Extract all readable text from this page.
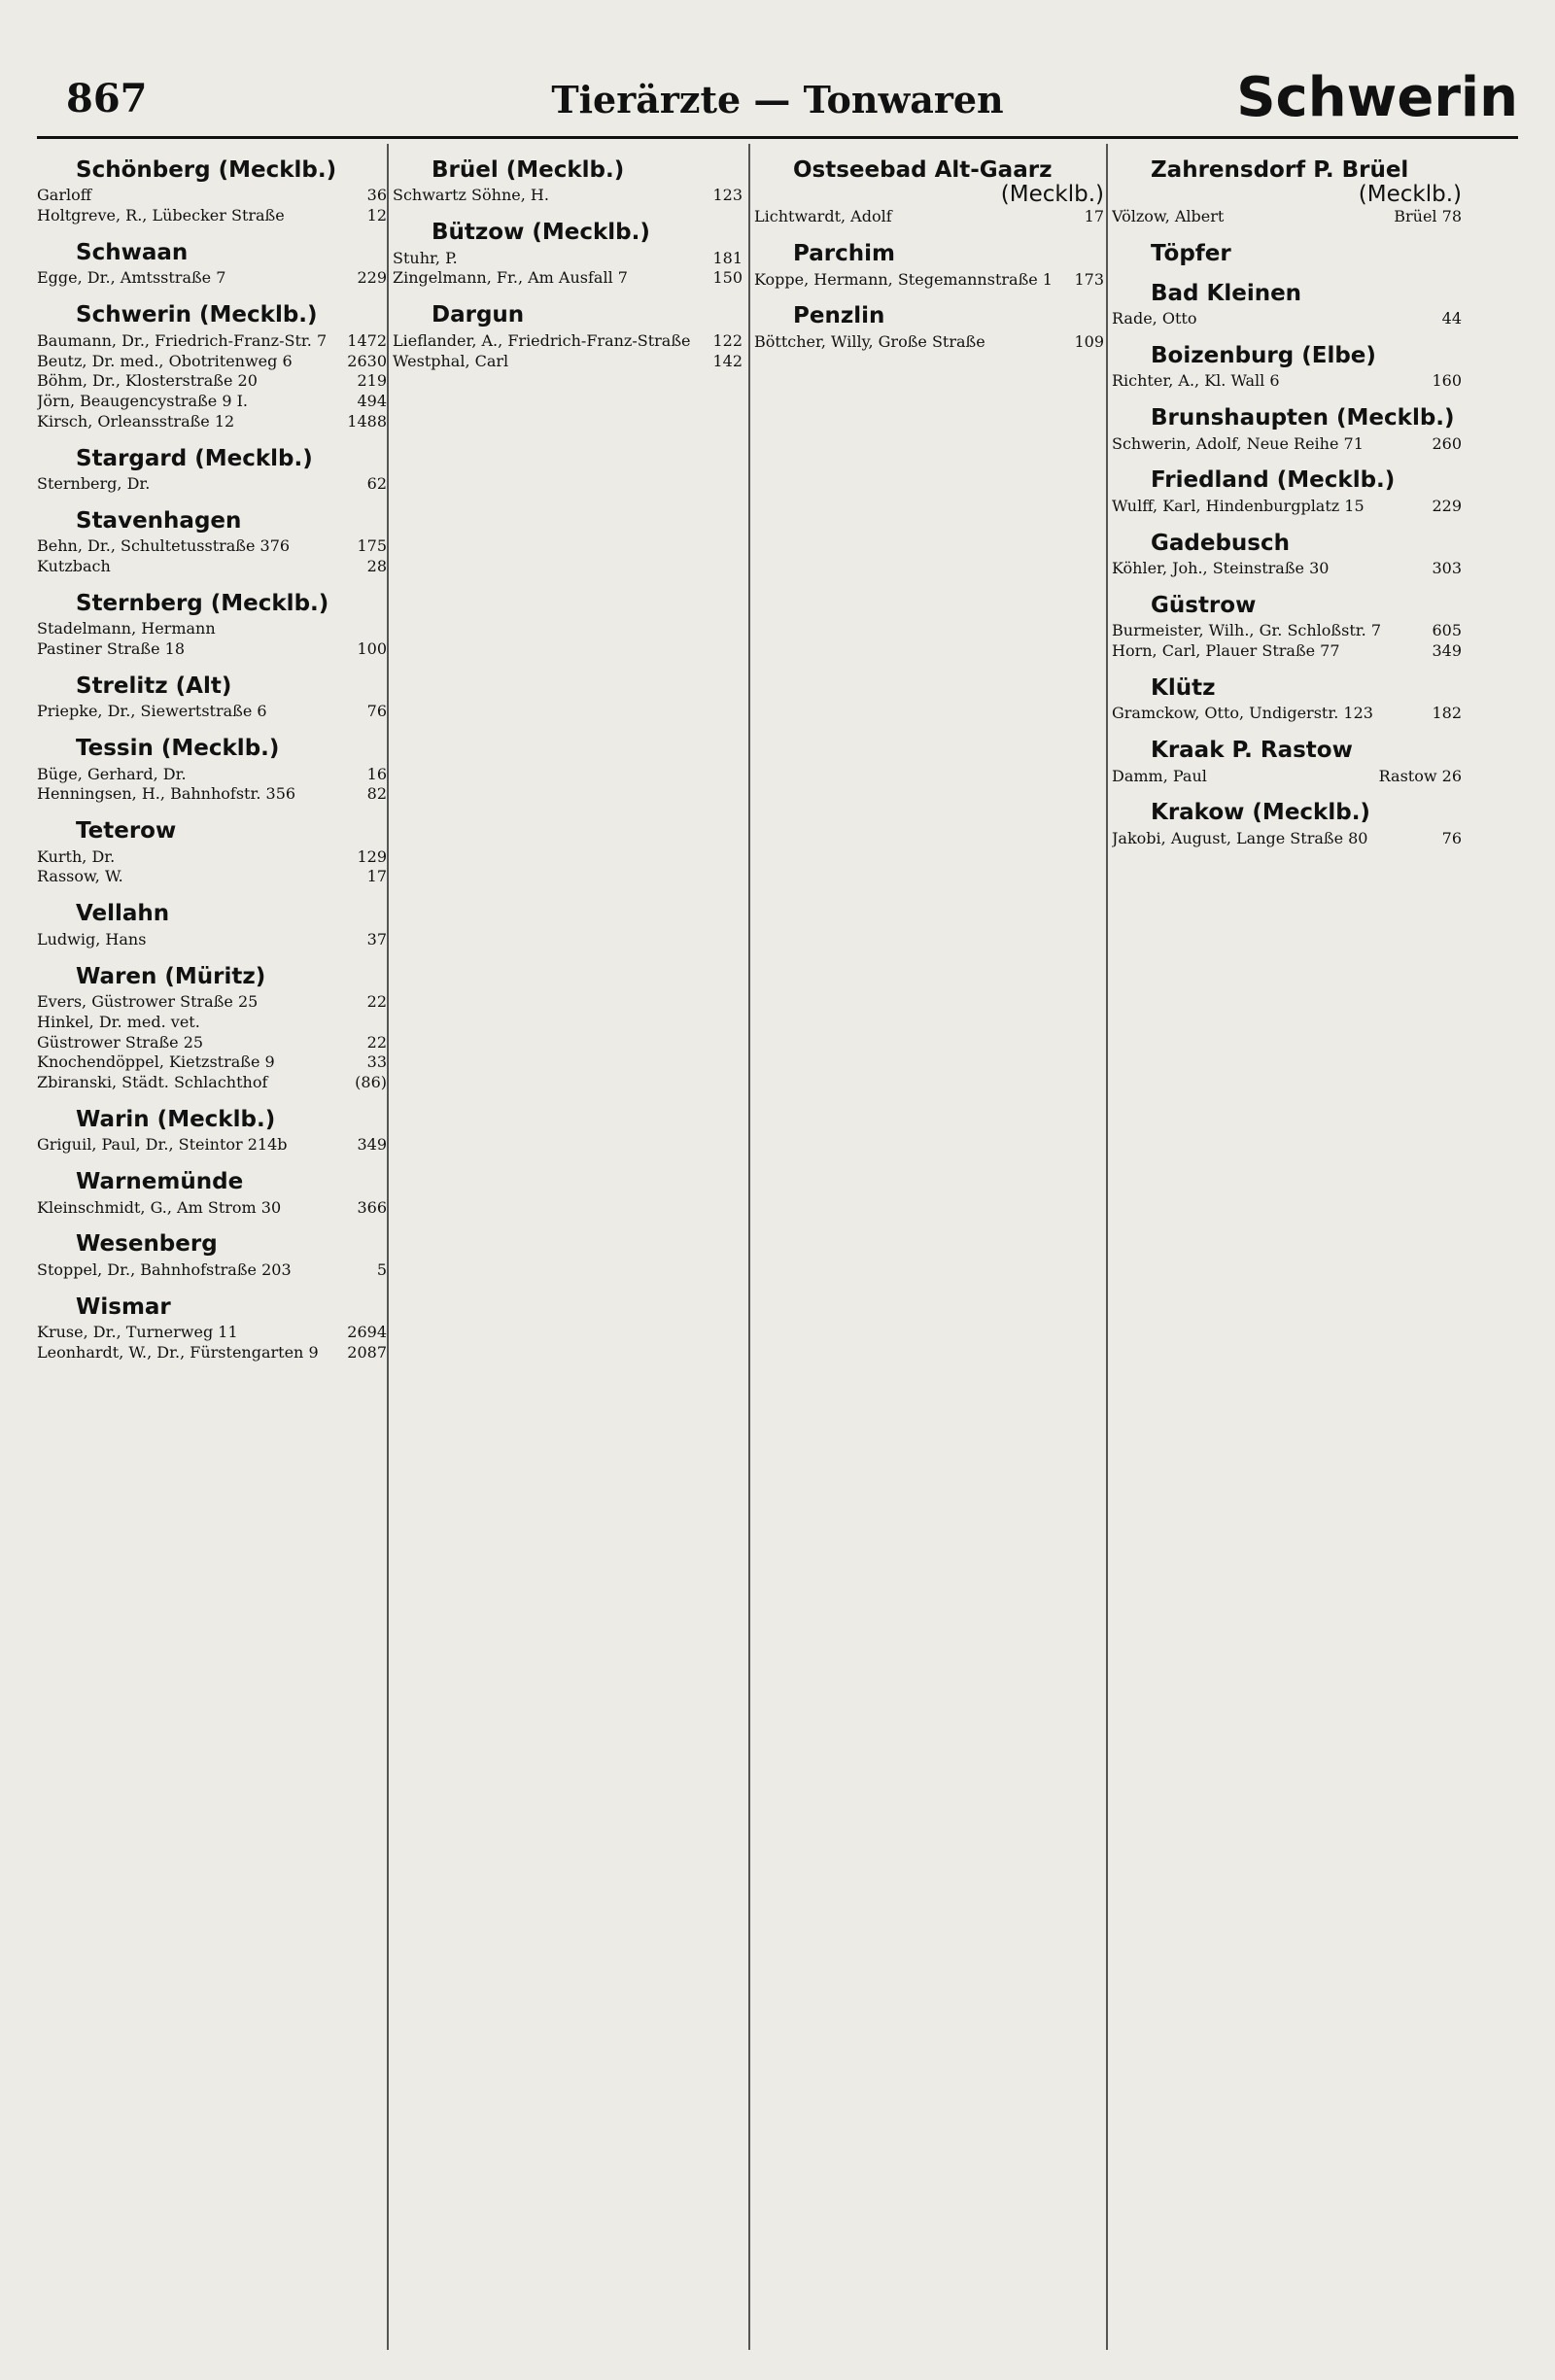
867	Tierärzte — Tonwaren	Schwerin
Schönberg (Mecklb.)
Garloff	36
Holtgreve, R., Lübecker Straße	12
Schwaan
Egge, Dr., Amtsstraße 7	229
Schwerin (Mecklb.)
Baumann, Dr., Friedrich-Franz-Str. 7	1472
Beutz, Dr. med., Obotritenweg 6	2630
Böhm, Dr., Klosterstraße 20	219
Jörn, Beaugencystraße 9 I.	494
Kirsch, Orleansstraße 12	1488
Stargard (Mecklb.)
Sternberg, Dr.	62
Stavenhagen
Behn, Dr., Schultetusstraße 376	175
Kutzbach	28
Sternberg (Mecklb.)
Stadelmann, Hermann
Pastiner Straße 18	100
Strelitz (Alt)
Priepke, Dr., Siewertstraße 6	76
Tessin (Mecklb.)
Büge, Gerhard, Dr.	16
Henningsen, H., Bahnhofstr. 356	82
Teterow
Kurth, Dr.	129
Rassow, W.	17
Vellahn
Ludwig, Hans	37
Waren (Müritz)
Evers, Güstrower Straße 25	22
Hinkel, Dr. med. vet.
Güstrower Straße 25	22
Knochendöppel, Kietzstraße 9	33
Zbiranski, Städt. Schlachthof	(86)
Warin (Mecklb.)
Griguil, Paul, Dr., Steintor 214b	349
Warnemünde
Kleinschmidt, G., Am Strom 30	366
Wesenberg
Stoppel, Dr., Bahnhofstraße 203	5
Wismar
Kruse, Dr., Turnerweg 11	2694
Leonhardt, W., Dr., Fürstengarten 9	2087
Brüel (Mecklb.)
Schwartz Söhne, H.	123
Bützow (Mecklb.)
Stuhr, P.	181
Zingelmann, Fr., Am Ausfall 7	150
Dargun
Lieflander, A., Friedrich-Franz-Straße	122
Westphal, Carl	142
Ostseebad Alt-Gaarz
(Mecklb.)
Lichtwardt, Adolf	17
Parchim
Koppe, Hermann, Stegemannstraße 1	173
Penzlin
Böttcher, Willy, Große Straße	109
Zahrensdorf P. Brüel
(Mecklb.)
Völzow, Albert	Brüel 78
Töpfer
Bad Kleinen
Rade, Otto	44
Boizenburg (Elbe)
Richter, A., Kl. Wall 6	160
Brunshaupten (Mecklb.)
Schwerin, Adolf, Neue Reihe 71	260
Friedland (Mecklb.)
Wulff, Karl, Hindenburgplatz 15	229
Gadebusch
Köhler, Joh., Steinstraße 30	303
Güstrow
Burmeister, Wilh., Gr. Schloßstr. 7	605
Horn, Carl, Plauer Straße 77	349
Klütz
Gramckow, Otto, Undigerstr. 123	182
Kraak P. Rastow
Damm, Paul	Rastow 26
Krakow (Mecklb.)
Jakobi, August, Lange Straße 80	76
